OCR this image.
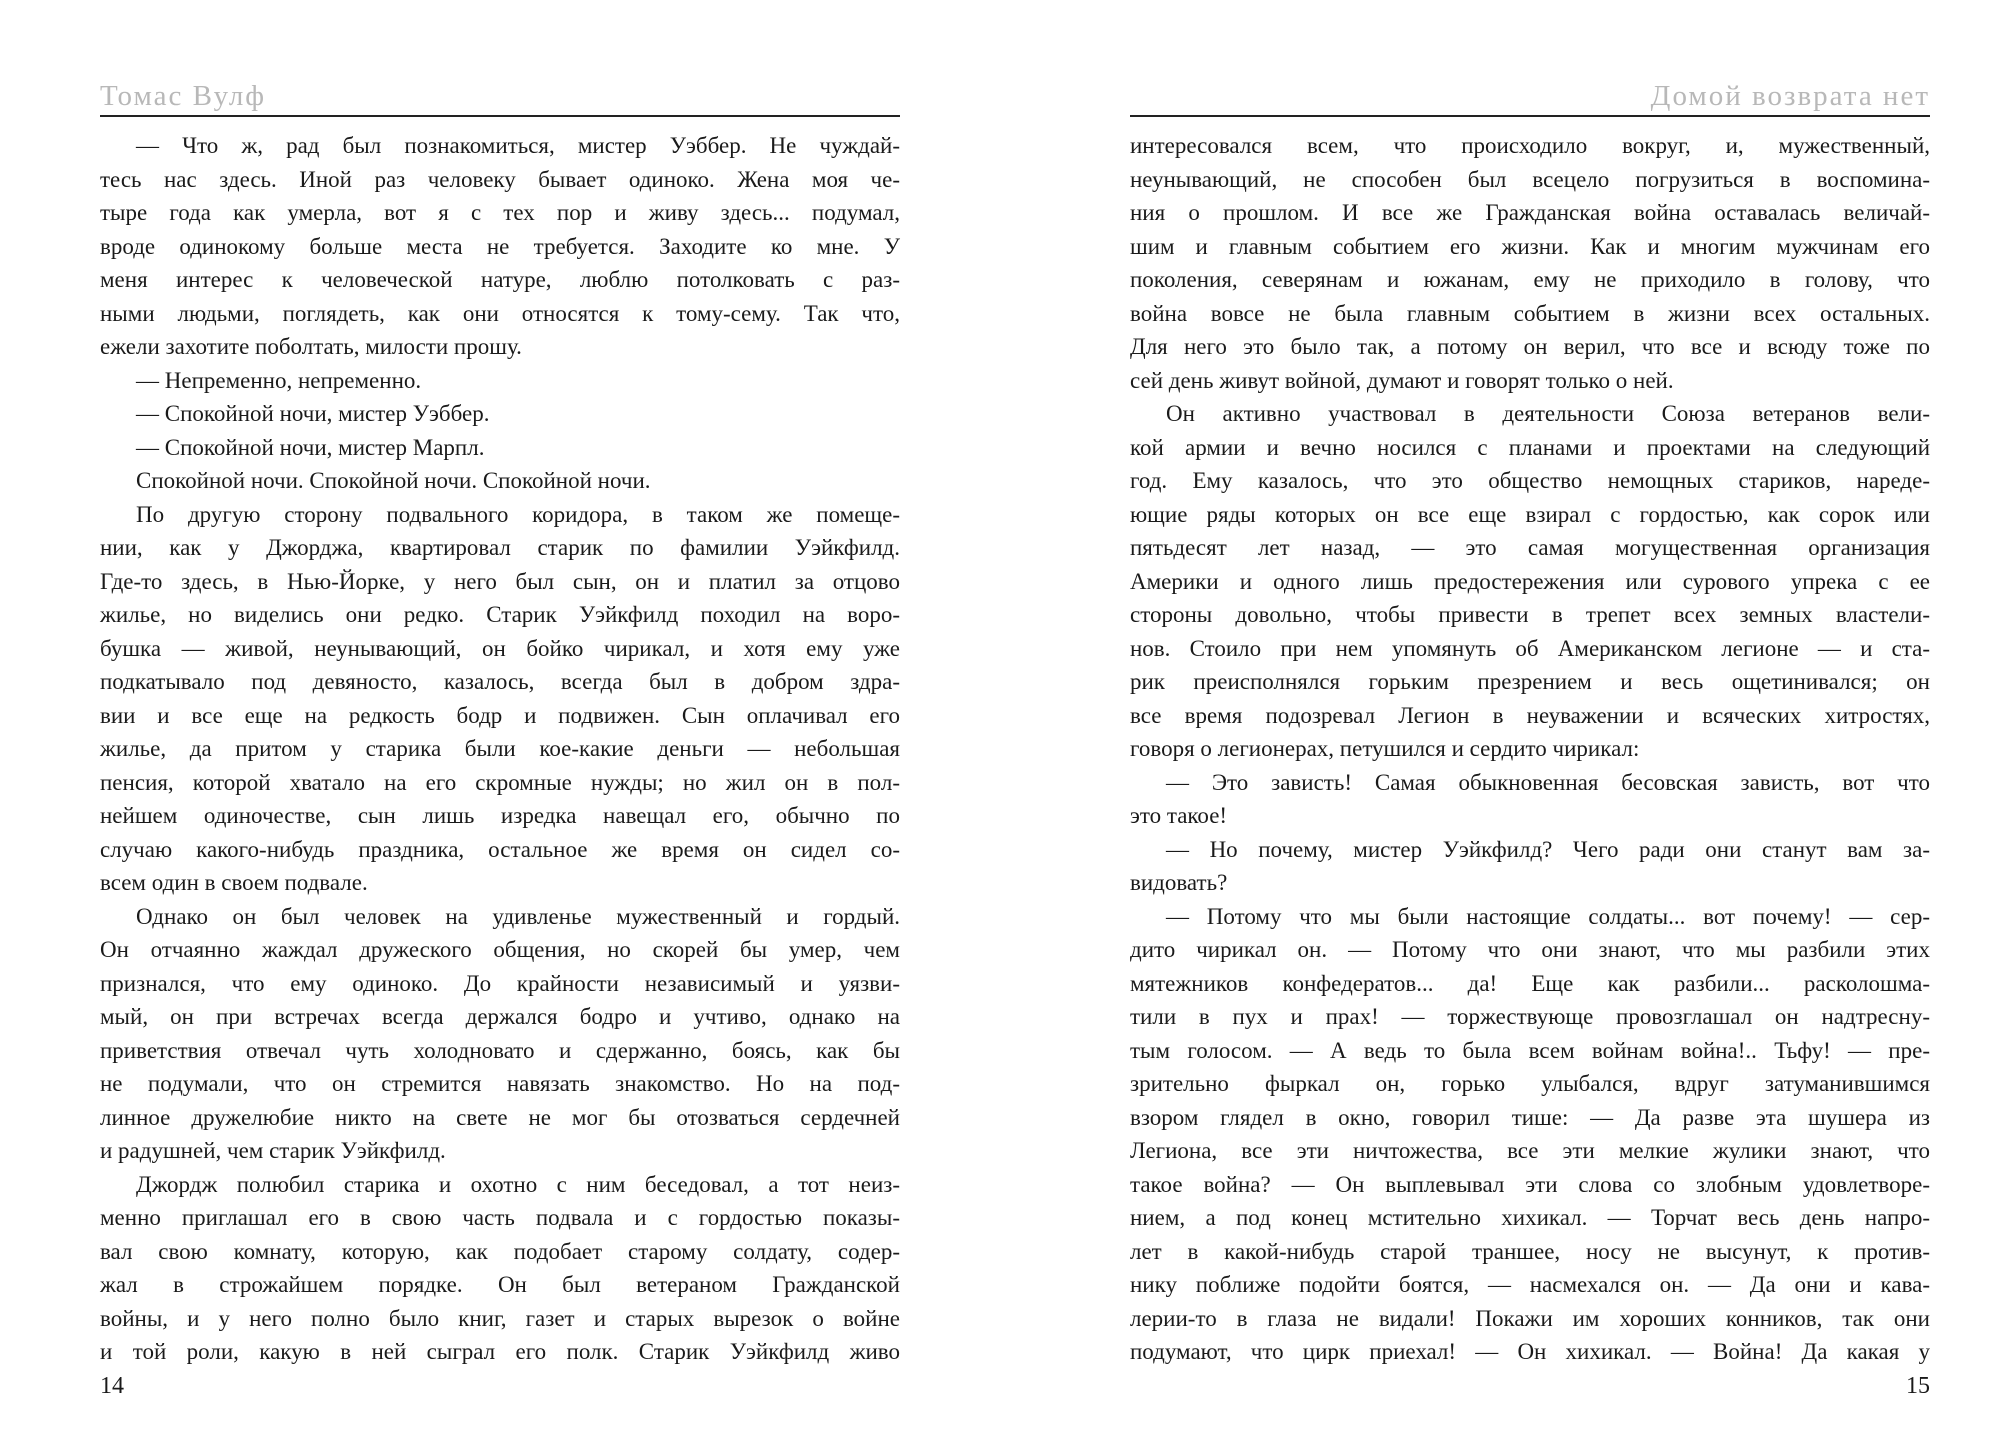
Томас Вулф

— Что ж, рад был познакомиться, мистер Уэббер. Не чуждай-

тесь нас здесь. Иной раз человеку бывает одиноко. Жена моя че-

тыре года как умерла, вот я с тех пор и живу здесь... подумал,

вроде одинокому больше места не требуется. Заходите ко мне. У

меня интерес к человеческой натуре, люблю потолковать с раз-

ными людьми, поглядеть, как они относятся к тому-сему. Так что,

ежели захотите поболтать, милости прошу.

— Непременно, непременно.

— Спокойной ночи, мистер Уэббер.

— Спокойной ночи, мистер Марпл.

Спокойной ночи. Спокойной ночи. Спокойной ночи.

По другую сторону подвального коридора, в таком же помеще-

нии, как у Джорджа, квартировал старик по фамилии Уэйкфилд.

Где-то здесь, в Нью-Йорке, у него был сын, он и платил за отцово

жилье, но виделись они редко. Старик Уэйкфилд походил на воро-

бушка — живой, неунывающий, он бойко чирикал, и хотя ему уже

подкатывало под девяносто, казалось, всегда был в добром здра-

вии и все еще на редкость бодр и подвижен. Сын оплачивал его

жилье, да притом у старика были кое-какие деньги — небольшая

пенсия, которой хватало на его скромные нужды; но жил он в пол-

нейшем одиночестве, сын лишь изредка навещал его, обычно по

случаю какого-нибудь праздника, остальное же время он сидел со-

всем один в своем подвале.

Однако он был человек на удивленье мужественный и гордый.

Он отчаянно жаждал дружеского общения, но скорей бы умер, чем

признался, что ему одиноко. До крайности независимый и уязви-

мый, он при встречах всегда держался бодро и учтиво, однако на

приветствия отвечал чуть холодновато и сдержанно, боясь, как бы

не подумали, что он стремится навязать знакомство. Но на под-

линное дружелюбие никто на свете не мог бы отозваться сердечней

и радушней, чем старик Уэйкфилд.

Джордж полюбил старика и охотно с ним беседовал, а тот неиз-

менно приглашал его в свою часть подвала и с гордостью показы-

вал свою комнату, которую, как подобает старому солдату, содер-

жал в строжайшем порядке. Он был ветераном Гражданской

войны, и у него полно было книг, газет и старых вырезок о войне

и той роли, какую в ней сыграл его полк. Старик Уэйкфилд живо

14
Домой возврата нет

интересовался всем, что происходило вокруг, и, мужественный,

неунывающий, не способен был всецело погрузиться в воспомина-

ния о прошлом. И все же Гражданская война оставалась величай-

шим и главным событием его жизни. Как и многим мужчинам его

поколения, северянам и южанам, ему не приходило в голову, что

война вовсе не была главным событием в жизни всех остальных.

Для него это было так, а потому он верил, что все и всюду тоже по

сей день живут войной, думают и говорят только о ней.

Он активно участвовал в деятельности Союза ветеранов вели-

кой армии и вечно носился с планами и проектами на следующий

год. Ему казалось, что это общество немощных стариков, нареде-

ющие ряды которых он все еще взирал с гордостью, как сорок или

пятьдесят лет назад, — это самая могущественная организация

Америки и одного лишь предостережения или сурового упрека с ее

стороны довольно, чтобы привести в трепет всех земных властели-

нов. Стоило при нем упомянуть об Американском легионе — и ста-

рик преисполнялся горьким презрением и весь ощетинивался; он

все время подозревал Легион в неуважении и всяческих хитростях,

говоря о легионерах, петушился и сердито чирикал:

— Это зависть! Самая обыкновенная бесовская зависть, вот что

это такое!

— Но почему, мистер Уэйкфилд? Чего ради они станут вам за-

видовать?

— Потому что мы были настоящие солдаты... вот почему! — сер-

дито чирикал он. — Потому что они знают, что мы разбили этих

мятежников конфедератов... да! Еще как разбили... расколошма-

тили в пух и прах! — торжествующе провозглашал он надтреснy-

тым голосом. — А ведь то была всем войнам война!.. Тьфу! — пре-

зрительно фыркал он, горько улыбался, вдруг затуманившимся

взором глядел в окно, говорил тише: — Да разве эта шушера из

Легиона, все эти ничтожества, все эти мелкие жулики знают, что

такое война? — Он выплевывал эти слова со злобным удовлетворе-

нием, а под конец мстительно хихикал. — Торчат весь день напро-

лет в какой-нибудь старой траншее, носу не высунут, к против-

нику поближе подойти боятся, — насмехался он. — Да они и кава-

лерии-то в глаза не видали! Покажи им хороших конников, так они

подумают, что цирк приехал! — Он хихикал. — Война! Да какая у

15
